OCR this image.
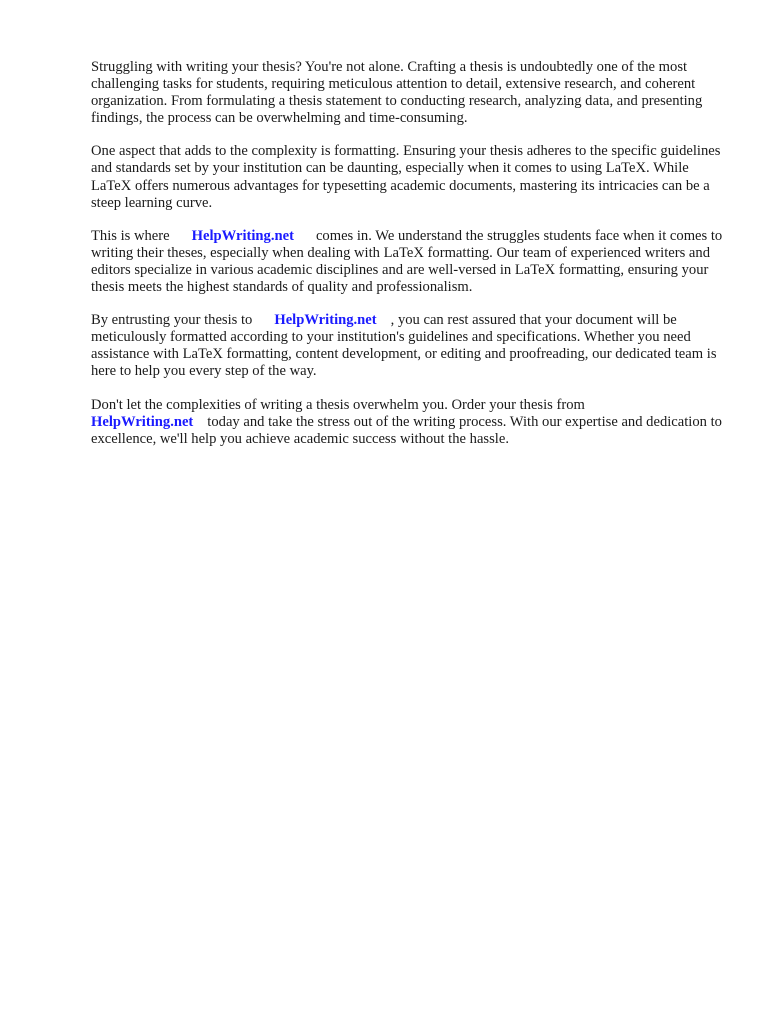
Struggling with writing your thesis? You're not alone. Crafting a thesis is undoubtedly one of the most challenging tasks for students, requiring meticulous attention to detail, extensive research, and coherent organization. From formulating a thesis statement to conducting research, analyzing data, and presenting findings, the process can be overwhelming and time-consuming.

One aspect that adds to the complexity is formatting. Ensuring your thesis adheres to the specific guidelines and standards set by your institution can be daunting, especially when it comes to using LaTeX. While LaTeX offers numerous advantages for typesetting academic documents, mastering its intricacies can be a steep learning curve.

This is where HelpWriting.net comes in. We understand the struggles students face when it comes to writing their theses, especially when dealing with LaTeX formatting. Our team of experienced writers and editors specialize in various academic disciplines and are well-versed in LaTeX formatting, ensuring your thesis meets the highest standards of quality and professionalism.

By entrusting your thesis to HelpWriting.net , you can rest assured that your document will be meticulously formatted according to your institution's guidelines and specifications. Whether you need assistance with LaTeX formatting, content development, or editing and proofreading, our dedicated team is here to help you every step of the way.

Don't let the complexities of writing a thesis overwhelm you. Order your thesis from HelpWriting.net today and take the stress out of the writing process. With our expertise and dedication to excellence, we'll help you achieve academic success without the hassle.
